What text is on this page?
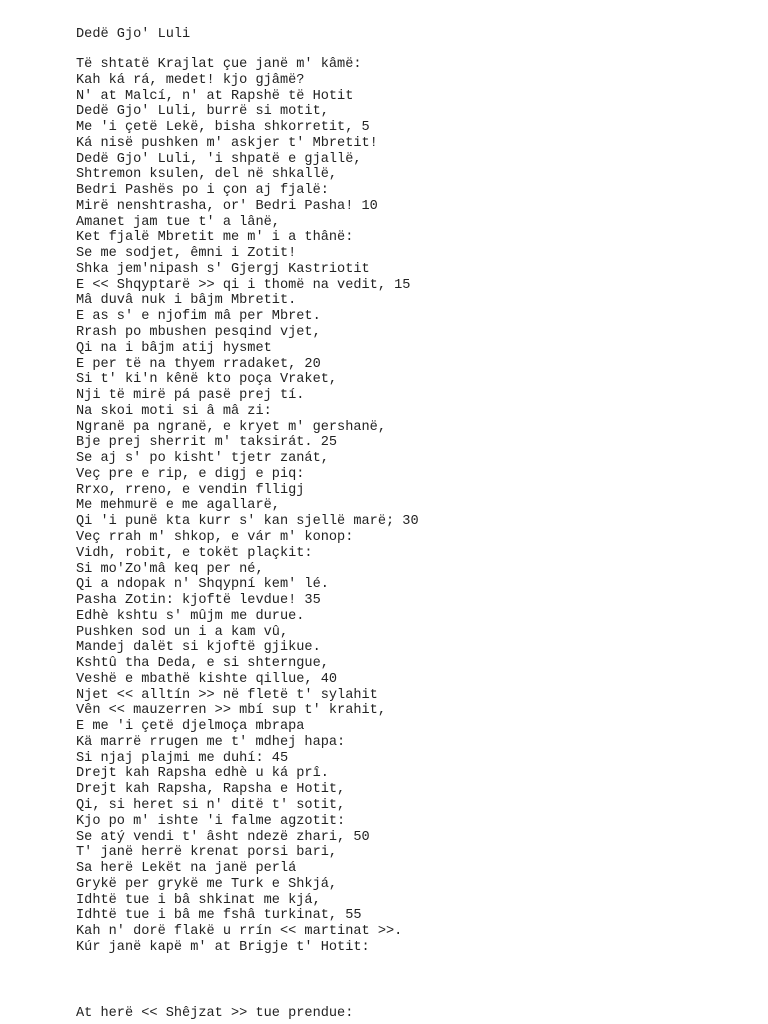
Dedë Gjo' Luli
Të shtatë Krajlat çue janë m' kâmë:
Kah ká rá, medet! kjo gjâmë?
N' at Malcí, n' at Rapshë të Hotit
Dedë Gjo' Luli, burrë si motit,
Me 'i çetë Lekë, bisha shkorretit, 5
Ká nisë pushken m' askjer t' Mbretit!
Dedë Gjo' Luli, 'i shpatë e gjallë,
Shtremon ksulen, del në shkallë,
Bedri Pashës po i çon aj fjalë:
Mirë nenshtrasha, or' Bedri Pasha! 10
Amanet jam tue t' a lânë,
Ket fjalë Mbretit me m' i a thânë:
Se me sodjet, êmni i Zotit!
Shka jem'nipash s' Gjergj Kastriotit
E << Shqyptarë >> qi i thomë na vedit, 15
Mâ duvâ nuk i bâjm Mbretit.
E as s' e njofim mâ per Mbret.
Rrash po mbushen pesqind vjet,
Qi na i bâjm atij hysmet
E per të na thyem rradaket, 20
Si t' ki'n kênë kto poça Vraket,
Nji të mirë pá pasë prej tí.
Na skoi moti si â mâ zi:
Ngranë pa ngranë, e kryet m' gershanë,
Bje prej sherrit m' taksirát. 25
Se aj s' po kisht' tjetr zanát,
Veç pre e rip, e digj e piq:
Rrxo, rreno, e vendin flligj
Me mehmurë e me agallarë,
Qi 'i punë kta kurr s' kan sjellë marë; 30
Veç rrah m' shkop, e vár m' konop:
Vidh, robit, e tokët plaçkit:
Si mo'Zo'mâ keq per né,
Qi a ndopak n' Shqypní kem' lé.
Pasha Zotin: kjoftë levdue! 35
Edhè kshtu s' mûjm me durue.
Pushken sod un i a kam vû,
Mandej dalët si kjoftë gjikue.
Kshtû tha Deda, e si shterngue,
Veshë e mbathë kishte qillue, 40
Njet << alltín >> në fletë t' sylahit
Vên << mauzerren >> mbí sup t' krahit,
E me 'i çetë djelmoça mbrapa
Kä marrë rrugen me t' mdhej hapa:
Si njaj plajmi me duhí: 45
Drejt kah Rapsha edhè u ká prî.
Drejt kah Rapsha, Rapsha e Hotit,
Qi, si heret si n' ditë t' sotit,
Kjo po m' ishte 'i falme agzotit:
Se atý vendi t' âsht ndezë zhari, 50
T' janë herrë krenat porsi bari,
Sa herë Lekët na janë perlá
Grykë per grykë me Turk e Shkjá,
Idhtë tue i bâ shkinat me kjá,
Idhtë tue i bâ me fshâ turkinat, 55
Kah n' dorë flakë u rrín << martinat >>.
Kúr janë kapë m' at Brigje t' Hotit:
At herë << Shêjzat >> tue prendue:
